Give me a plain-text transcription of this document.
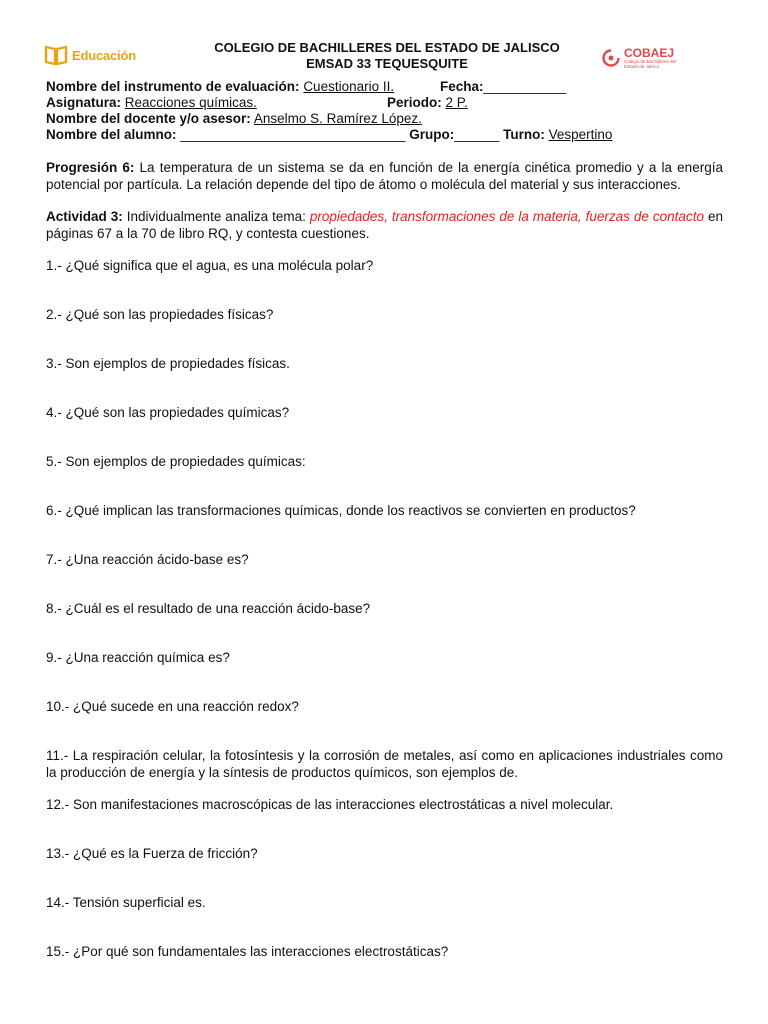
Educación	COLEGIO DE BACHILLERES DEL ESTADO DE JALISCO
EMSAD 33 TEQUESQUITE
COBAEJ
Colegio de Bachilleres del Estado de Jalisco
Nombre del instrumento de evaluación: Cuestionario II.	Fecha:___________
Asignatura: Reacciones químicas.	Periodo: 2 P.
Nombre del docente y/o asesor: Anselmo S. Ramírez López.
Nombre del alumno: ______________________________ Grupo:______ Turno: Vespertino
Progresión 6: La temperatura de un sistema se da en función de la energía cinética promedio y a la energía potencial por partícula. La relación depende del tipo de átomo o molécula del material y sus interacciones.
Actividad 3: Individualmente analiza tema: propiedades, transformaciones de la materia, fuerzas de contacto en páginas 67 a la 70 de libro RQ, y contesta cuestiones.
1.- ¿Qué significa que el agua, es una molécula polar?
2.- ¿Qué son las propiedades físicas?
3.- Son ejemplos de propiedades físicas.
4.- ¿Qué son las propiedades químicas?
5.- Son ejemplos de propiedades químicas:
6.- ¿Qué implican las transformaciones químicas, donde los reactivos se convierten en productos?
7.- ¿Una reacción ácido-base es?
8.- ¿Cuál es el resultado de una reacción ácido-base?
9.- ¿Una reacción química es?
10.- ¿Qué sucede en una reacción redox?
11.- La respiración celular, la fotosíntesis y la corrosión de metales, así como en aplicaciones industriales como la producción de energía y la síntesis de productos químicos, son ejemplos de.
12.- Son manifestaciones macroscópicas de las interacciones electrostáticas a nivel molecular.
13.- ¿Qué es la Fuerza de fricción?
14.- Tensión superficial es.
15.- ¿Por qué son fundamentales las interacciones electrostáticas?
